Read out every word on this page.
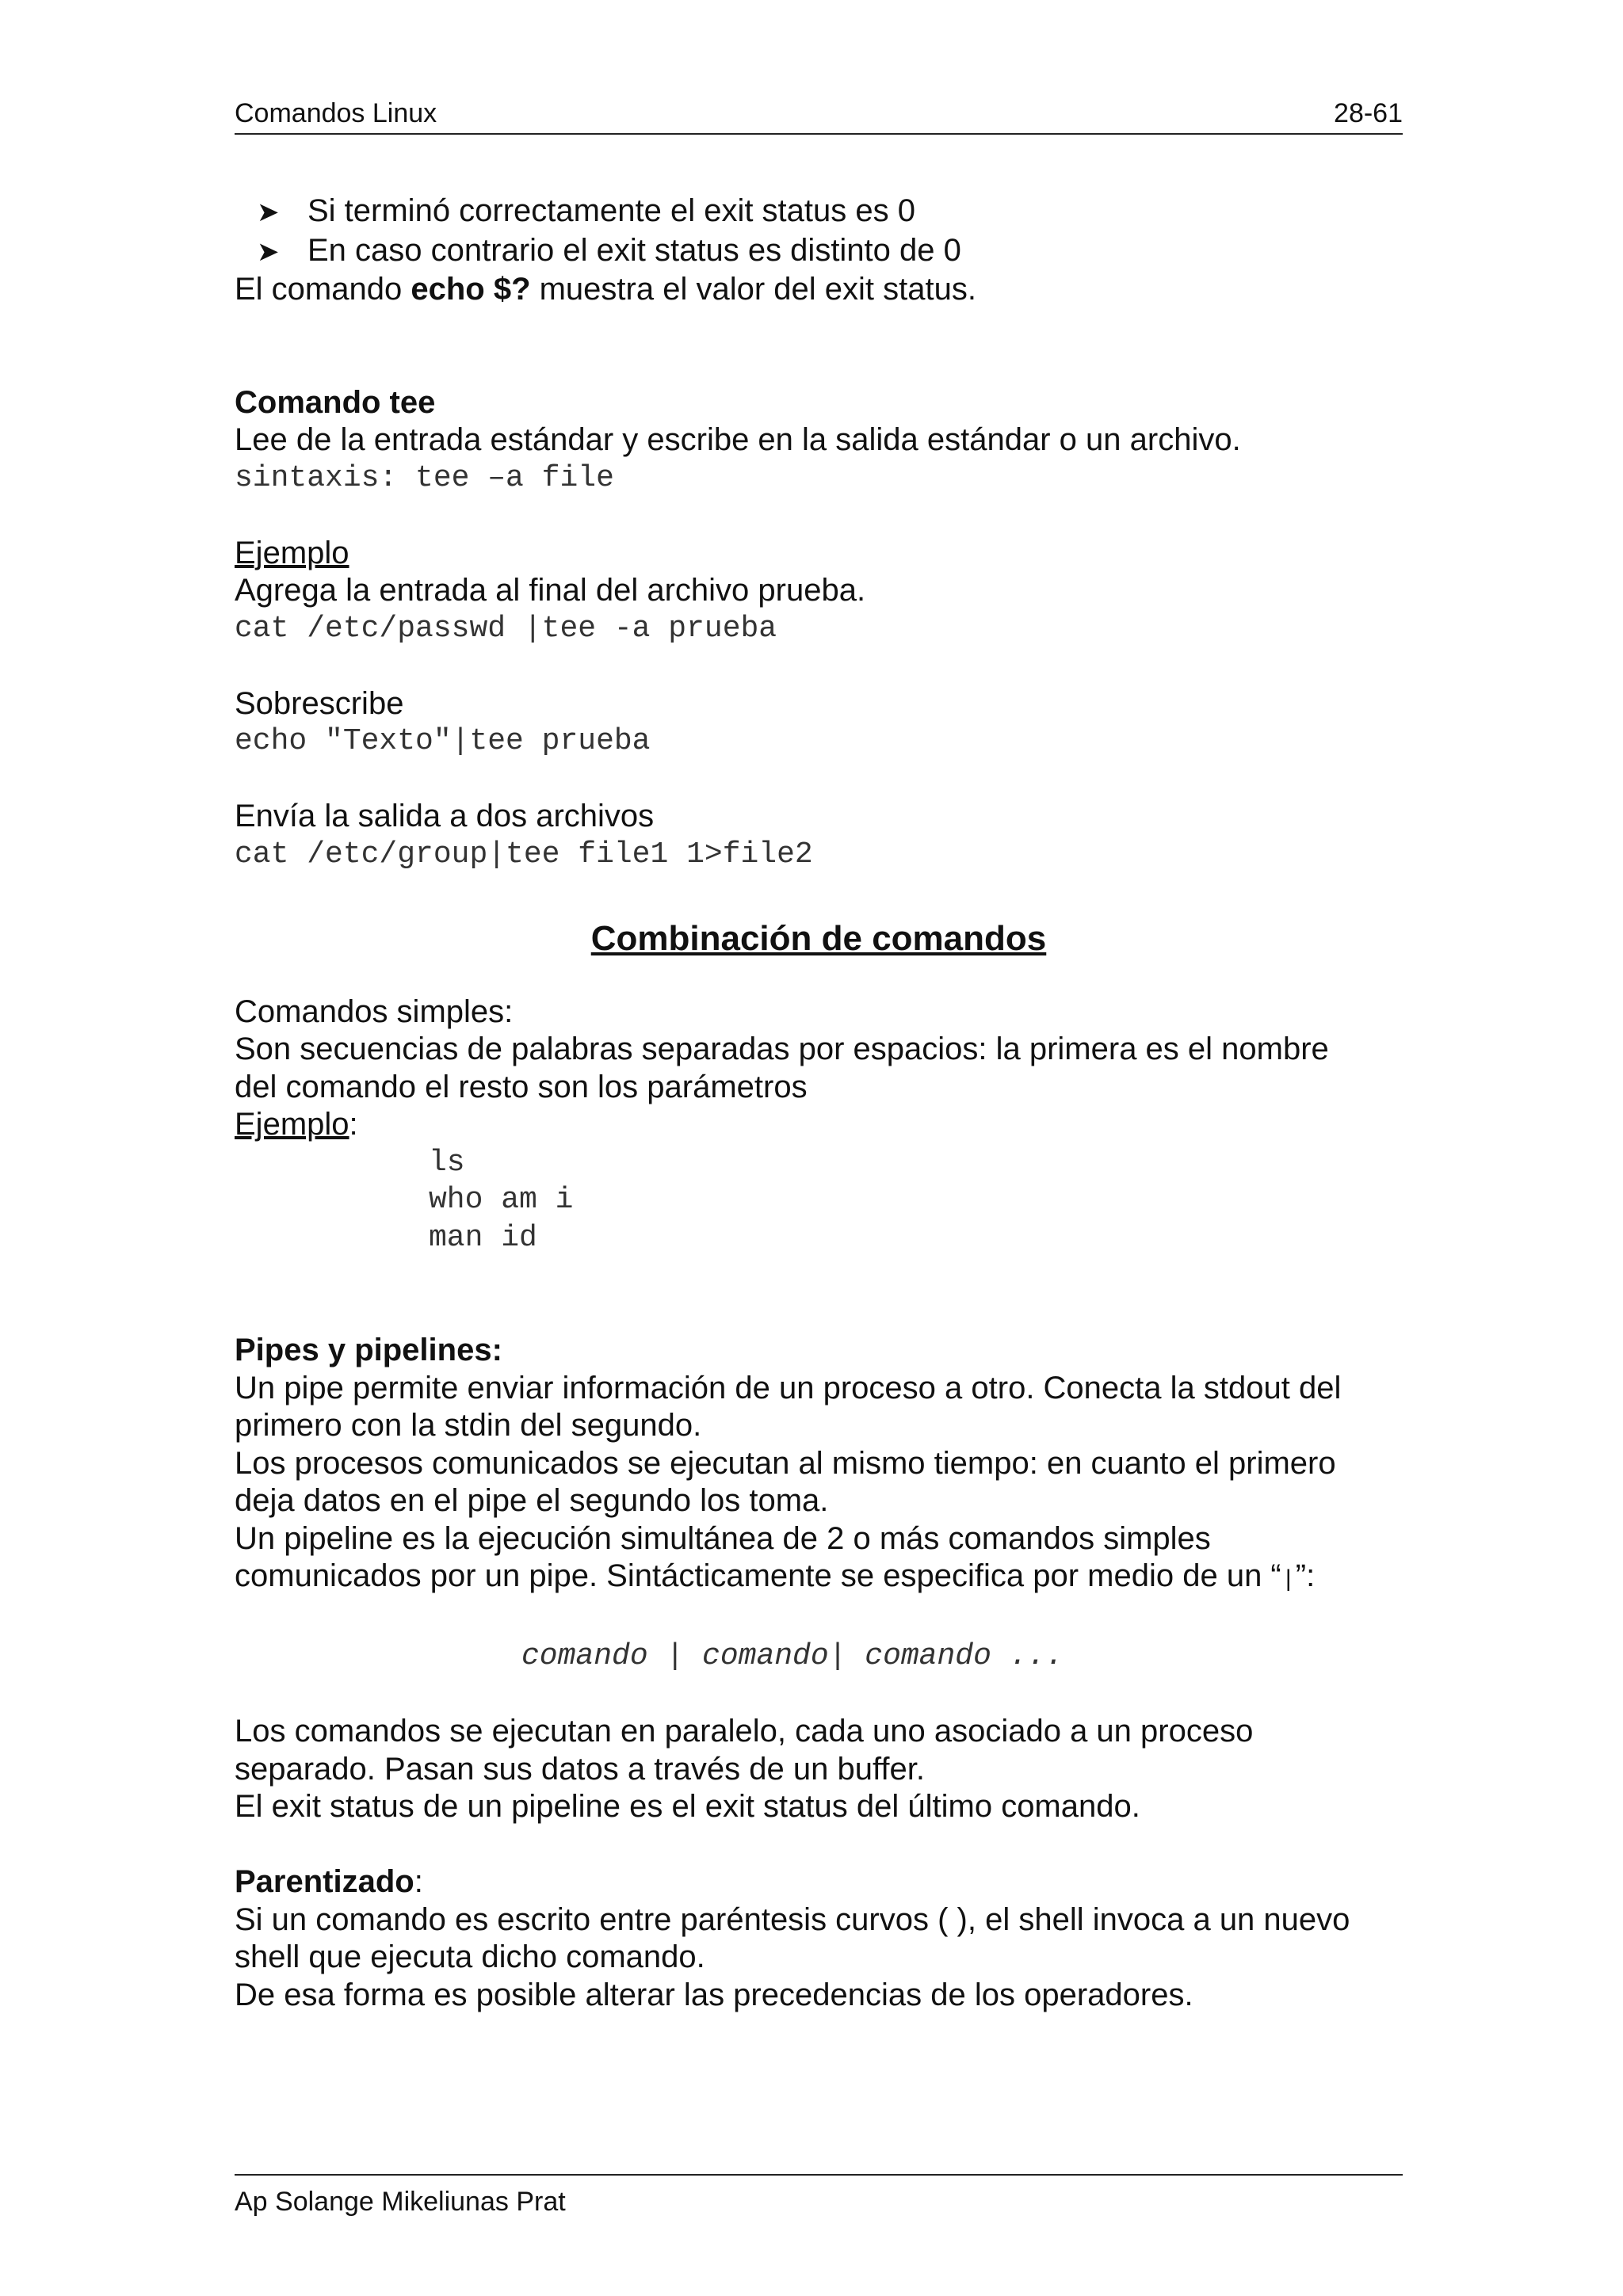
Comandos Linux	28-61
➤ Si terminó correctamente el exit status es 0
➤ En caso contrario el exit status es distinto de 0
El comando echo $? muestra el valor del exit status.
Comando tee
Lee de la entrada estándar y escribe en la salida estándar o un archivo.
sintaxis: tee –a file
Ejemplo
Agrega la entrada al final del archivo prueba.
cat /etc/passwd |tee -a prueba
Sobrescribe
echo "Texto"|tee prueba
Envía la salida a dos archivos
cat /etc/group|tee file1 1>file2
Combinación de comandos
Comandos simples:
Son secuencias de palabras separadas por espacios: la primera es el nombre
del comando el resto son los parámetros
Ejemplo:
ls
who am i
man id
Pipes y pipelines:
Un pipe permite enviar información de un proceso a otro. Conecta la stdout del
primero con la stdin del segundo.
Los procesos comunicados se ejecutan al mismo tiempo: en cuanto el primero
deja datos en el pipe el segundo los toma.
Un pipeline es la ejecución simultánea de 2 o más comandos simples
comunicados por un pipe. Sintácticamente se especifica por medio de un “|”:
comando | comando| comando ...
Los comandos se ejecutan en paralelo, cada uno asociado a un proceso
separado. Pasan sus datos a través de un buffer.
El exit status de un pipeline es el exit status del último comando.
Parentizado:
Si un comando es escrito entre paréntesis curvos ( ), el shell invoca a un nuevo
shell que ejecuta dicho comando.
De esa forma es posible alterar las precedencias de los operadores.
Ap Solange Mikeliunas Prat
